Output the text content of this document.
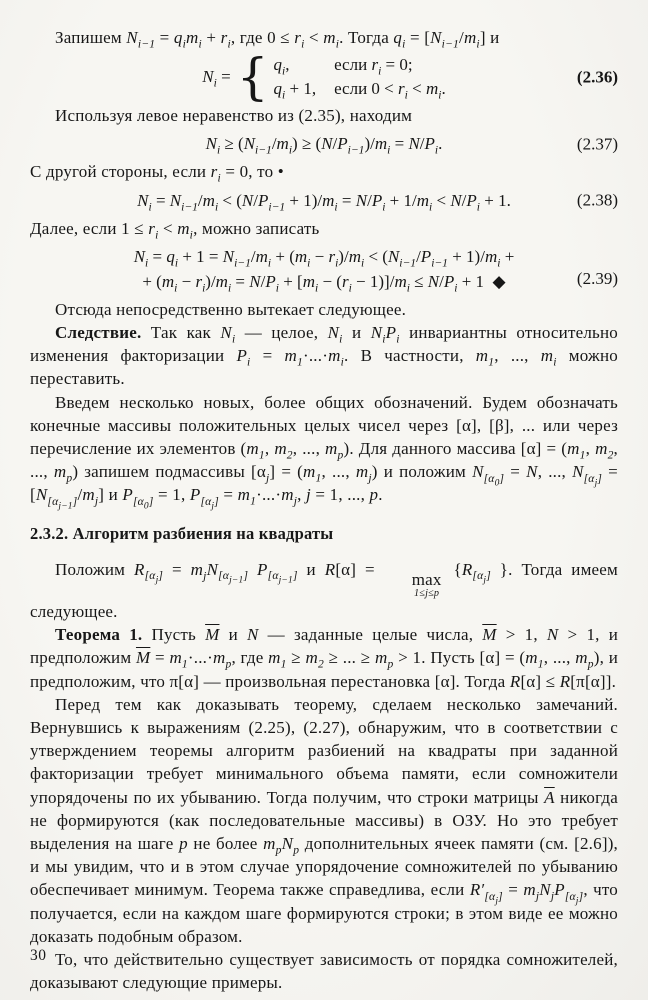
Запишем $N_{i-1} = q_im_i + r_i$, где $0 \le r_i < m_i$. Тогда $q_i = [N_{i-1}/m_i]$ и

$N_i$ = { $q_i$,	если $r_i = 0$;
$q_i + 1$, если $0 < r_i < m_i$.
(2.36)

Используя левое неравенство из (2.35), находим

$N_i \ge (N_{i-1}/m_i) \ge (N/P_{i-1})/m_i = N/P_i$.	(2.37)

С другой стороны, если $r_i = 0$, то •

$N_i = N_{i-1}/m_i < (N/P_{i-1} + 1)/m_i = N/P_i + 1/m_i < N/P_i + 1$.	(2.38)

Далее, если $1 \le r_i < m_i$, можно записать

$N_i = q_i + 1 = N_{i-1}/m_i + (m_i - r_i)/m_i < (N_{i-1}/P_{i-1} + 1)/m_i$ +
+ $(m_i - r_i)/m_i = N/P_i + [m_i - (r_i - 1)]/m_i \le N/P_i + 1$  ◆	(2.39)

Отсюда непосредственно вытекает следующее.

Следствие. Так как $N_i$ — целое, $N_i$ и $N_iP_i$ инвариантны относительно изменения факторизации $P_i = m_1\cdot...\cdot m_i$. В частности, $m_1$, ..., $m_i$ можно переставить.

Введем несколько новых, более общих обозначений. Будем обозначать конечные массивы положительных целых чисел через [α], [β], ... или через перечисление их элементов ($m_1$, $m_2$, ..., $m_p$). Для данного массива $[\alpha] = (m_1$, $m_2$, ..., $m_p$) запишем подмассивы $[\alpha_j] = (m_1$, ..., $m_j$) и положим $N_{[\alpha_0]} = N$, ..., $N_{[\alpha_j]} = [N_{[\alpha_{j-1}]}/m_j]$ и $P_{[\alpha_0]} = 1$, $P_{[\alpha_j]} = m_1\cdot...\cdot m_j$, j = 1, ..., p.

2.3.2. Алгоритм разбиения на квадраты

Положим $R_{[\alpha_j]} = m_jN_{[\alpha_{j-1}]}$ $P_{[\alpha_{j-1}]}$ и R[α] =
max
1≤j≤p
{$R_{[\alpha_j]}$ }. Тогда имеем следующее.

Теорема 1. Пусть $\overline{M}$ и N — заданные целые числа, $\overline{M} > 1$, N > 1, и предположим $\overline{M} = m_1\cdot...\cdot m_p$, где $m_1 \ge m_2$ ≥ ... ≥ $m_p > 1$. Пусть $[\alpha] = (m_1$, ..., $m_p$), и предположим, что π[α] — произвольная перестановка [α]. Тогда R[α] ≤ R[π[α]].

Перед тем как доказывать теорему, сделаем несколько замечаний. Вернувшись к выражениям (2.25), (2.27), обнаружим, что в соответствии с утверждением теоремы алгоритм разбиений на квадраты при заданной факторизации требует минимального объема памяти, если сомножители упорядочены по их убыванию. Тогда получим, что строки матрицы $\overline{A}$ никогда не формируются (как последовательные массивы) в ОЗУ. Но это требует выделения на шаге p не более $m_pN_p$ дополнительных ячеек памяти (см. [2.6]), и мы увидим, что и в этом случае упорядочение сомножителей по убыванию обеспечивает минимум. Теорема также справедлива, если $R'_{[\alpha_j]} = m_jN_jP_{[\alpha_j]}$, что получается, если на каждом шаге формируются строки; в этом виде ее можно доказать подобным образом.

То, что действительно существует зависимость от порядка сомножителей, доказывают следующие примеры.

30
